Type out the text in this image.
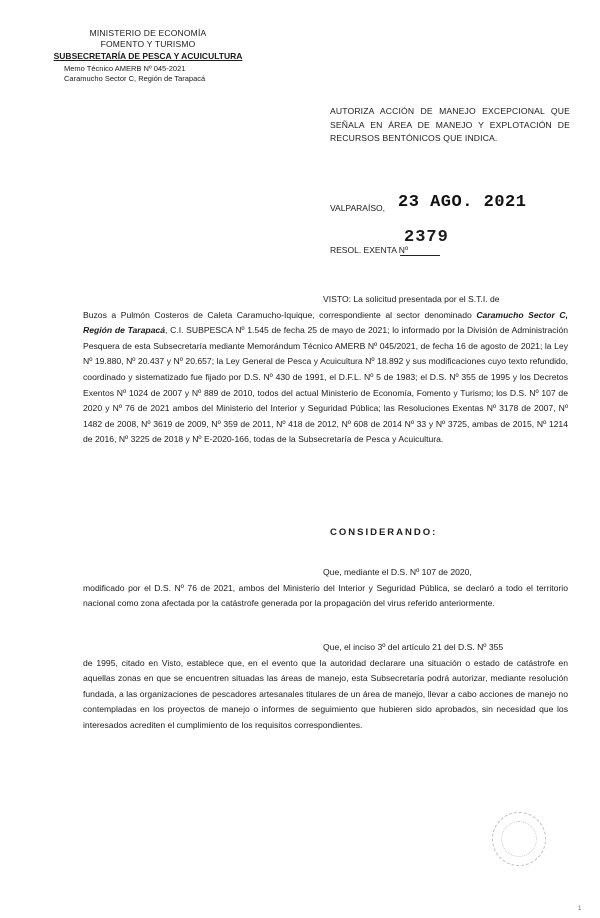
MINISTERIO DE ECONOMÍA
FOMENTO Y TURISMO
SUBSECRETARÍA DE PESCA Y ACUICULTURA
Memo Técnico AMERB Nº 045-2021
Caramucho Sector C, Región de Tarapacá
AUTORIZA ACCIÓN DE MANEJO EXCEPCIONAL QUE SEÑALA EN ÁREA DE MANEJO Y EXPLOTACIÓN DE RECURSOS BENTÓNICOS QUE INDICA.
VALPARAÍSO, 23 AGO. 2021
RESOL. EXENTA Nº
2379
VISTO: La solicitud presentada por el S.T.I. de
Buzos a Pulmón Costeros de Caleta Caramucho-Iquique, correspondiente al sector denominado Caramucho Sector C, Región de Tarapacá, C.I. SUBPESCA Nº 1.545 de fecha 25 de mayo de 2021; lo informado por la División de Administración Pesquera de esta Subsecretaría mediante Memorándum Técnico AMERB Nº 045/2021, de fecha 16 de agosto de 2021; la Ley Nº 19.880, Nº 20.437 y Nº 20.657; la Ley General de Pesca y Acuicultura Nº 18.892 y sus modificaciones cuyo texto refundido, coordinado y sistematizado fue fijado por D.S. Nº 430 de 1991, el D.F.L. Nº 5 de 1983; el D.S. Nº 355 de 1995 y los Decretos Exentos Nº 1024 de 2007 y Nº 889 de 2010, todos del actual Ministerio de Economía, Fomento y Turismo; los D.S. Nº 107 de 2020 y Nº 76 de 2021 ambos del Ministerio del Interior y Seguridad Pública; las Resoluciones Exentas Nº 3178 de 2007, Nº 1482 de 2008, Nº 3619 de 2009, Nº 359 de 2011, Nº 418 de 2012, Nº 608 de 2014 Nº 33 y Nº 3725, ambas de 2015, Nº 1214 de 2016, Nº 3225 de 2018 y Nº E-2020-166, todas de la Subsecretaría de Pesca y Acuicultura.
CONSIDERANDO:
Que, mediante el D.S. Nº 107 de 2020,
modificado por el D.S. Nº 76 de 2021, ambos del Ministerio del Interior y Seguridad Pública, se declaró a todo el territorio nacional como zona afectada por la catástrofe generada por la propagación del virus referido anteriormente.
Que, el inciso 3º del artículo 21 del D.S. Nº 355
de 1995, citado en Visto, establece que, en el evento que la autoridad declarare una situación o estado de catástrofe en aquellas zonas en que se encuentren situadas las áreas de manejo, esta Subsecretaría podrá autorizar, mediante resolución fundada, a las organizaciones de pescadores artesanales titulares de un área de manejo, llevar a cabo acciones de manejo no contempladas en los proyectos de manejo o informes de seguimiento que hubieren sido aprobados, sin necesidad que los interesados acrediten el cumplimiento de los requisitos correspondientes.
1
